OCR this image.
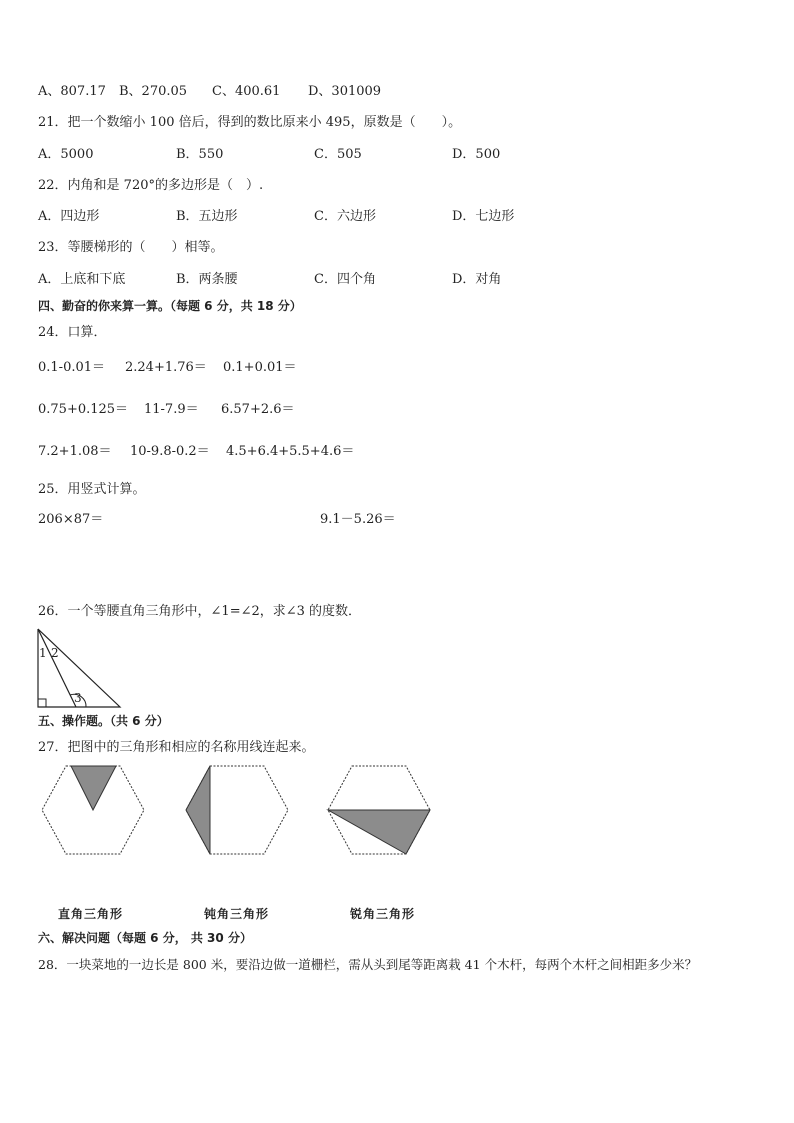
A、807.17 B、270.05 C、400.61 D、301009
21．把一个数缩小 100 倍后，得到的数比原来小 495，原数是（　　）。
A．5000	B．550	C．505	D．500
22．内角和是 720°的多边形是（　）.
A．四边形	B．五边形	C．六边形	D．七边形
23．等腰梯形的（　　）相等。
A．上底和下底	B．两条腰	C．四个角	D．对角
四、勤奋的你来算一算。（每题 6 分，共 18 分）
24．口算．
0.1-0.01＝ 2.24+1.76＝ 0.1+0.01＝
0.75+0.125＝ 11-7.9＝ 6.57+2.6＝
7.2+1.08＝ 10-9.8-0.2＝ 4.5+6.4+5.5+4.6＝
25．用竖式计算。
206×87＝	9.1－5.26＝
26．一个等腰直角三角形中，∠1=∠2，求∠3 的度数．
1 2
3
五、操作题。（共 6 分）
27．把图中的三角形和相应的名称用线连起来。
直角三角形	钝角三角形	锐角三角形
六、解决问题（每题 6 分， 共 30 分）
28．一块菜地的一边长是 800 米，要沿边做一道栅栏，需从头到尾等距离栽 41 个木杆，每两个木杆之间相距多少米？
